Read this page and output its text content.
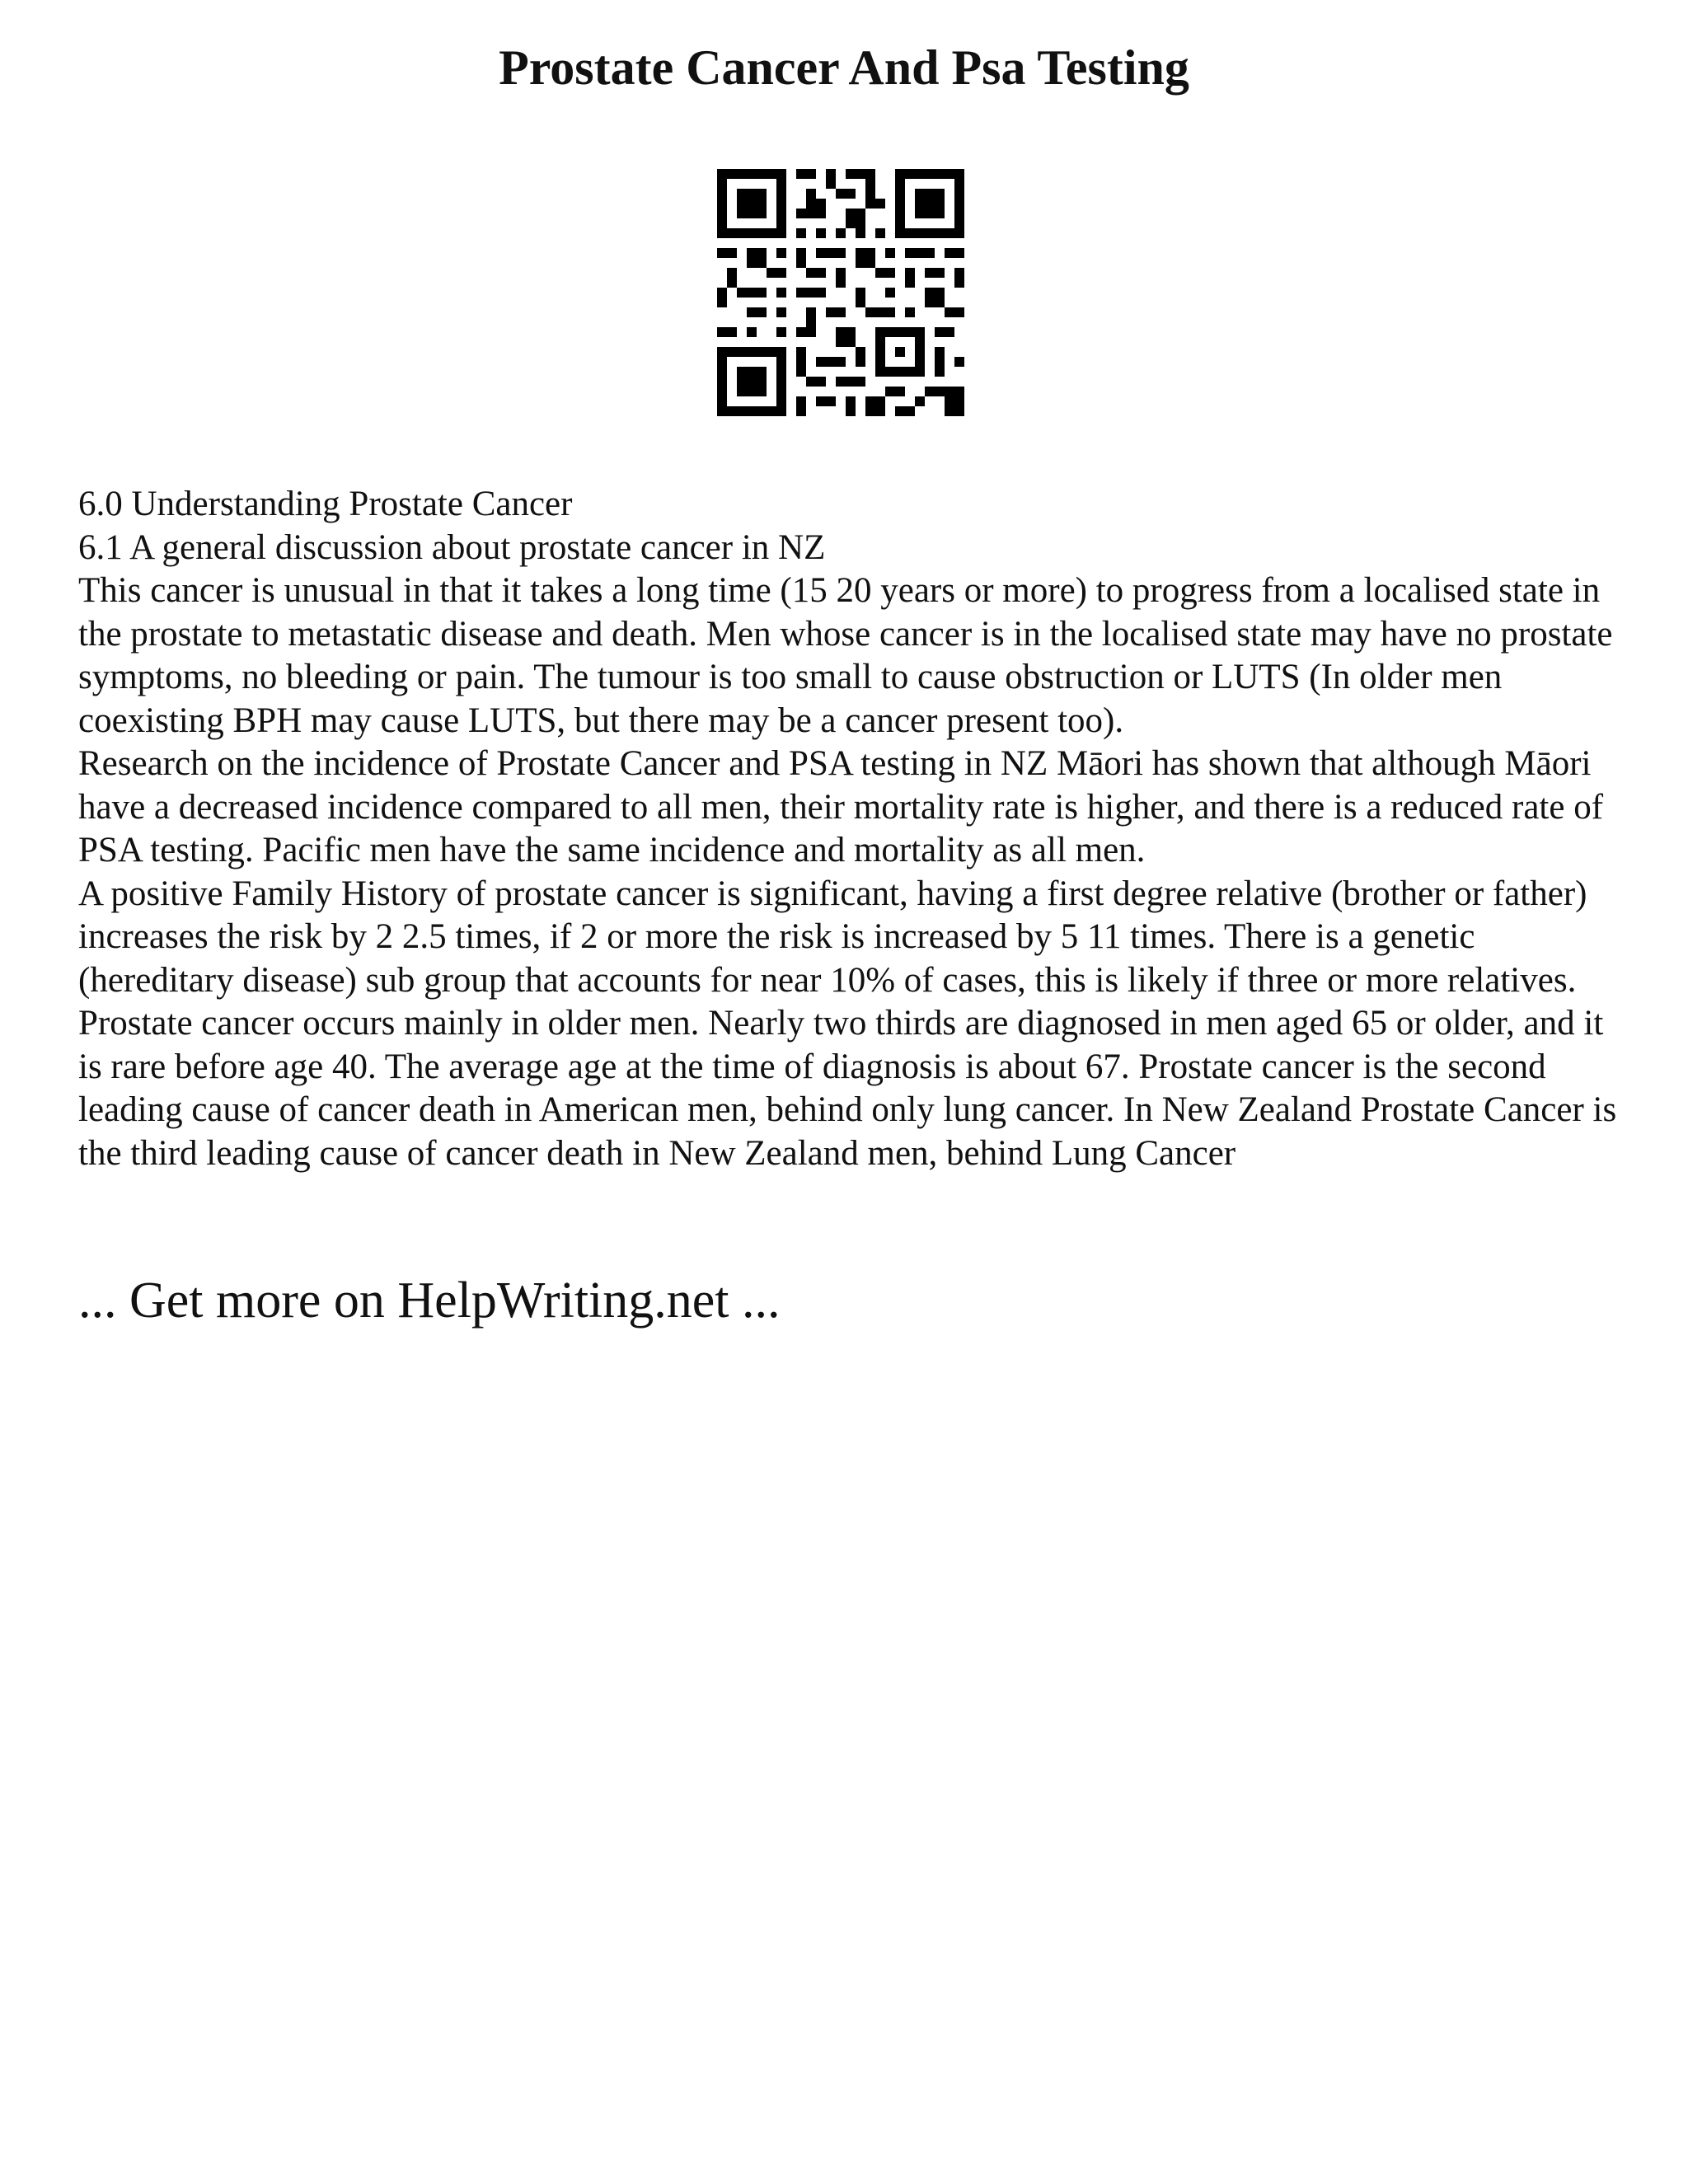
Prostate Cancer And Psa Testing

6.0 Understanding Prostate Cancer

6.1 A general discussion about prostate cancer in NZ

This cancer is unusual in that it takes a long time (15 20 years or more) to progress from a localised state in the prostate to metastatic disease and death. Men whose cancer is in the localised state may have no prostate symptoms, no bleeding or pain. The tumour is too small to cause obstruction or LUTS (In older men coexisting BPH may cause LUTS, but there may be a cancer present too).

Research on the incidence of Prostate Cancer and PSA testing in NZ Māori has shown that although Māori have a decreased incidence compared to all men, their mortality rate is higher, and there is a reduced rate of PSA testing. Pacific men have the same incidence and mortality as all men.

A positive Family History of prostate cancer is significant, having a first degree relative (brother or father) increases the risk by 2 2.5 times, if 2 or more the risk is increased by 5 11 times. There is a genetic (hereditary disease) sub group that accounts for near 10% of cases, this is likely if three or more relatives.

Prostate cancer occurs mainly in older men. Nearly two thirds are diagnosed in men aged 65 or older, and it is rare before age 40. The average age at the time of diagnosis is about 67. Prostate cancer is the second leading cause of cancer death in American men, behind only lung cancer. In New Zealand Prostate Cancer is the third leading cause of cancer death in New Zealand men, behind Lung Cancer

... Get more on HelpWriting.net ...
